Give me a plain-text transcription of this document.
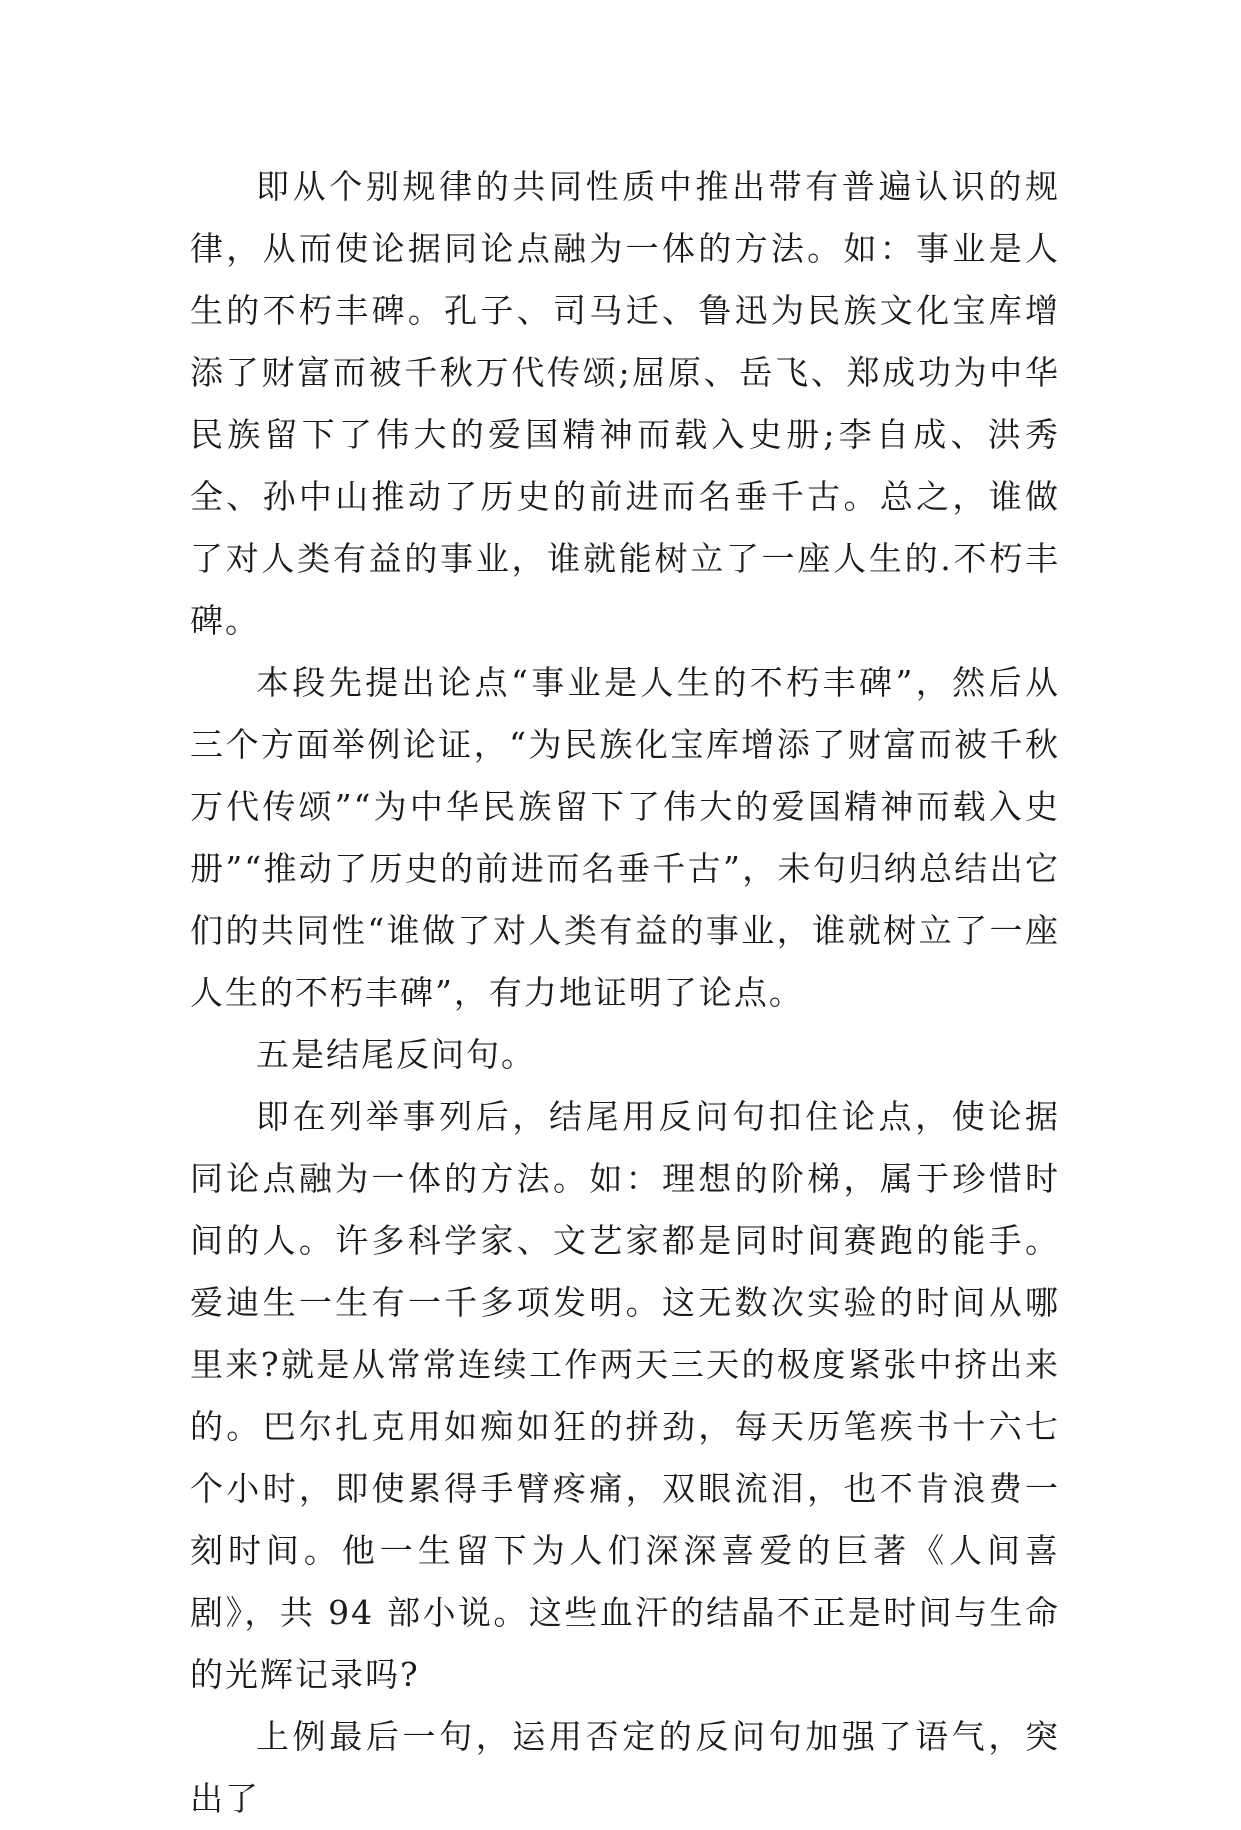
即从个别规律的共同性质中推出带有普遍认识的规律，从而使论据同论点融为一体的方法。如：事业是人生的不朽丰碑。孔子、司马迁、鲁迅为民族文化宝库增添了财富而被千秋万代传颂;屈原、岳飞、郑成功为中华民族留下了伟大的爱国精神而载入史册;李自成、洪秀全、孙中山推动了历史的前进而名垂千古。总之，谁做了对人类有益的事业，谁就能树立了一座人生的.不朽丰碑。

本段先提出论点“事业是人生的不朽丰碑”，然后从三个方面举例论证，“为民族化宝库增添了财富而被千秋万代传颂”“为中华民族留下了伟大的爱国精神而载入史册”“推动了历史的前进而名垂千古”，未句归纳总结出它们的共同性“谁做了对人类有益的事业，谁就树立了一座人生的不朽丰碑”，有力地证明了论点。

五是结尾反问句。

即在列举事列后，结尾用反问句扣住论点，使论据同论点融为一体的方法。如：理想的阶梯，属于珍惜时间的人。许多科学家、文艺家都是同时间赛跑的能手。爱迪生一生有一千多项发明。这无数次实验的时间从哪里来?就是从常常连续工作两天三天的极度紧张中挤出来的。巴尔扎克用如痴如狂的拼劲，每天历笔疾书十六七个小时，即使累得手臂疼痛，双眼流泪，也不肯浪费一刻时间。他一生留下为人们深深喜爱的巨著《人间喜剧》，共 94 部小说。这些血汗的结晶不正是时间与生命的光辉记录吗?

上例最后一句，运用否定的反问句加强了语气，突出了
